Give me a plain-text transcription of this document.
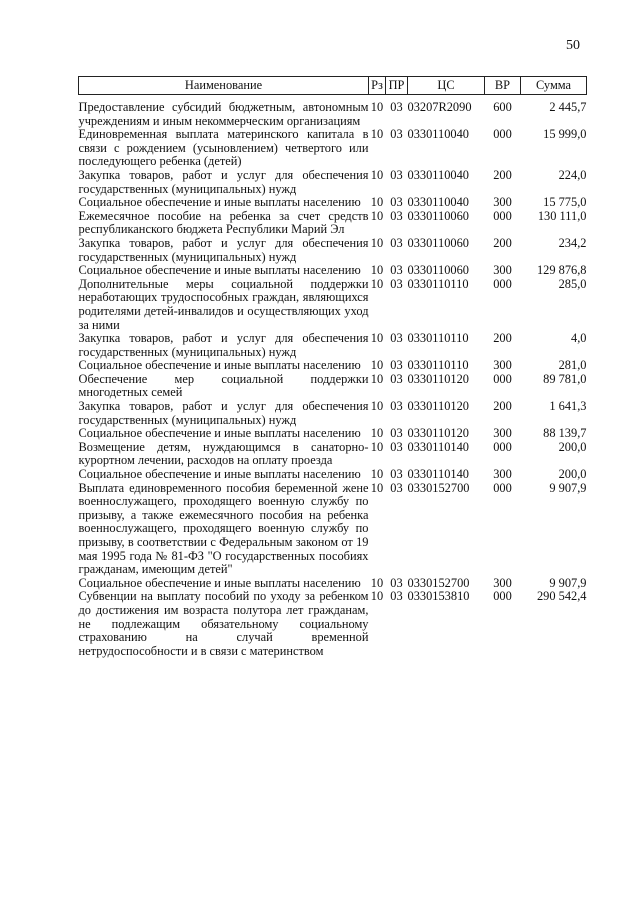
50
Наименование	Рз	ПР	ЦС	ВР	Сумма

Предоставление субсидий бюджетным, автономным учреждениям и иным некоммерческим организациям	10	03	03207R2090	600	2 445,7
Единовременная выплата материнского капитала в связи с рождением (усыновлением) четвертого или последующего ребенка (детей)	10	03	0330110040	000	15 999,0
Закупка товаров, работ и услуг для обеспечения государственных (муниципальных) нужд	10	03	0330110040	200	224,0
Социальное обеспечение и иные выплаты населению	10	03	0330110040	300	15 775,0
Ежемесячное пособие на ребенка за счет средств республиканского бюджета Республики Марий Эл	10	03	0330110060	000	130 111,0
Закупка товаров, работ и услуг для обеспечения государственных (муниципальных) нужд	10	03	0330110060	200	234,2
Социальное обеспечение и иные выплаты населению	10	03	0330110060	300	129 876,8
Дополнительные меры социальной поддержки неработающих трудоспособных граждан, являющихся родителями детей-инвалидов и осуществляющих уход за ними	10	03	0330110110	000	285,0
Закупка товаров, работ и услуг для обеспечения государственных (муниципальных) нужд	10	03	0330110110	200	4,0
Социальное обеспечение и иные выплаты населению	10	03	0330110110	300	281,0
Обеспечение мер социальной поддержки многодетных семей	10	03	0330110120	000	89 781,0
Закупка товаров, работ и услуг для обеспечения государственных (муниципальных) нужд	10	03	0330110120	200	1 641,3
Социальное обеспечение и иные выплаты населению	10	03	0330110120	300	88 139,7
Возмещение детям, нуждающимся в санаторно-курортном лечении, расходов на оплату проезда	10	03	0330110140	000	200,0
Социальное обеспечение и иные выплаты населению	10	03	0330110140	300	200,0
Выплата единовременного пособия беременной жене военнослужащего, проходящего военную службу по призыву, а также ежемесячного пособия на ребенка военнослужащего, проходящего военную службу по призыву, в соответствии с Федеральным законом от 19 мая 1995 года № 81-ФЗ "О государственных пособиях гражданам, имеющим детей"	10	03	0330152700	000	9 907,9
Социальное обеспечение и иные выплаты населению	10	03	0330152700	300	9 907,9
Субвенции на выплату пособий по уходу за ребенком до достижения им возраста полутора лет гражданам, не подлежащим обязательному социальному страхованию на случай временной нетрудоспособности и в связи с материнством	10	03	0330153810	000	290 542,4
